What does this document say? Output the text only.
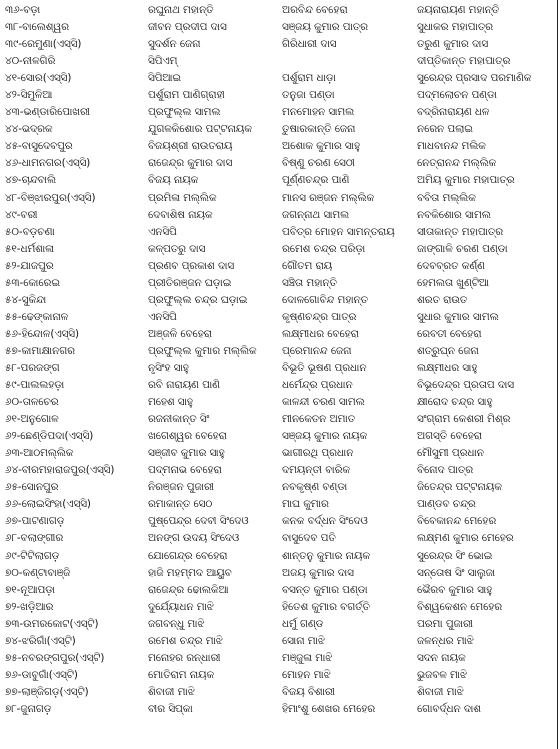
୩୬-ବଡ଼ା	ରଘୁନାଥ ମହାନ୍ତି	ଅରବିନ୍ଦ ବେହେରା	ଜୟନାରାୟଣ ମହାନ୍ତି
୩୮-ବାଲେଶ୍ୱର	ଜୀବନ ପ୍ରଦୀପ ଦାସ	ସଞ୍ଜୟ କୁମାର ପାତ୍ର	ସୁଧାକର ମହାପାତ୍ର
୩୯-ରେମୁଣା(ଏସ୍‌ସି)	ସୁଦର୍ଶନ ଜେନା	ଗିରିଧାରୀ ଦାସ	ତରୁଣ କୁମାର ଦାସ
୪୦-ନୀଳଗିରି	ସିପିଏମ୍		ଦୀପ୍ତିକାନ୍ତ ମହାପାତ୍ର
୪୧-ସୋର(ଏସ୍‌ସି)	ସିପିଆଇ	ପର୍ଶୁରାମ ଧାଡ଼ା	ସୁରେନ୍ଦ୍ର ପ୍ରସାଦ ପରମାଣିକ
୪୨-ସିମୁଳିଆ	ପର୍ଶୁରାମ ପାଣିଗ୍ରାହୀ	ତନୁଜା ପଣ୍ଡା	ପଦ୍ମଲୋଚନ ପଣ୍ଡା
୪୩-ଭଣ୍ଡାରିପୋଖରୀ	ପ୍ରଫୁଲ୍ଲ ସାମଲ	ମନମୋହନ ସାମଲ	ବଦ୍ରିନାରାୟଣ ଧଳ
୪୪-ଭଦ୍ରକ	ଯୁଗଳକିଶୋର ପଟ୍ଟନାୟକ	ତୁଷାରକାନ୍ତି ଜେନା	ନରେନ ପଲାଇ
୪୫-ବାସୁଦେବପୁର	ବିଜୟଶ୍ରୀ ରାଉତରାୟ	ଅଶୋକ କୁମାର ସାହୁ	ମାଧବାନନ୍ଦ ମଲିକ
୪୬-ଧାମନଗର(ଏସ୍‌ସି)	ରାଜେନ୍ଦ୍ର କୁମାର ଦାସ	ବିଷ୍ଣୁ ଚରଣ ସେଠୀ	ନେତ୍ରାନନ୍ଦ ମଲ୍ଲିକ
୪୭-ଚାନ୍ଦବାଲି	ବିଜୟ ନାୟକ	ପୂର୍ଣ୍ଣଚନ୍ଦ୍ର ପାଣି	ଅମିୟ କୁମାର ମହାପାତ୍ର
୪୮-ବିଞ୍ଝାରପୁର(ଏସ୍‌ସି)	ପ୍ରମିଳା ମଲ୍ଲିକ	ମାନସ ରଞ୍ଜନ ମଲ୍ଲିକ	ବବିତା ମଲ୍ଲିକ
୪୯-ବରୀ	ଦେବାଶିଷ ନାୟକ	ଜଗନ୍ନାଥ ସାମଲ	ନବକିଶୋର ସାମଲ
୫୦-ବଡ଼ଚଣା	ଏନସିପି	ପବିତ୍ର ମୋହନ ସାମନ୍ତରାୟ	ସୀତାକାନ୍ତ ମହାପାତ୍ର
୫୧-ଧର୍ମଶାଳା	କଳ୍ପତରୁ ଦାସ	ରମେଶ ଚନ୍ଦ୍ର ପରିଡ଼ା	ଜାଙ୍ଗାଳି ଚରଣ ପଣ୍ଡା
୫୨-ଯାଜପୁର	ପ୍ରଣବ ପ୍ରକାଶ ଦାସ	ଗୌତମ ରାୟ	ଦେବବ୍ରତ କର୍ଣ୍ଣ
୫୩-କୋରେଇ	ପ୍ରୀତିରଞ୍ଜନ ଘଡ଼ାଇ	ସଞ୍ଚିତା ମହାନ୍ତି	ହେମଲତା ଖୁଣ୍ଟିଆ
୫୪-ସୁକିନ୍ଦା	ପ୍ରଫୁଲ୍ଲ ଚନ୍ଦ୍ର ଘଡ଼ାଇ	ଦୋଳଗୋବିନ୍ଦ ମହାନ୍ତ	ଶରତ ରାଉତ
୫୫-ଢେଙ୍କାନାଳ	ଏନସିପି	କୃଷ୍ଣଚନ୍ଦ୍ର ପାତ୍ର	ସୁଧାର କୁମାର ସାମଲ
୫୬-ହିନ୍ଦୋଳ(ଏସ୍‌ସି)	ଅଞ୍ଜଳି ବେହେରା	ଲକ୍ଷ୍ମୀଧର ବେହେରା	ରେବତୀ ବେହେରା
୫୭-କାମାକ୍ଷାନଗର	ପ୍ରଫୁଲ୍ଲ କୁମାର ମଲ୍ଲିକ	ପ୍ରେମାନନ୍ଦ ଜେନା	ଶତ୍ରୁଘ୍ନ ଜେନା
୫୮-ପରଜଙ୍ଗ	ନୃସିଂହ ସାହୁ	ବିଭୂତି ଭୂଷଣ ପ୍ରଧାନ	ଲକ୍ଷ୍ମୀଧର ସାହୁ
୫୯-ପାଲଲହଡ଼ା	ରବି ନାରାୟଣ ପାଣି	ଧର୍ମେନ୍ଦ୍ର ପ୍ରଧାନ	ବିଭୂଦେନ୍ଦ୍ର ପ୍ରତାପ ଦାସ
୬୦-ତାଳଚେର	ମହେଶ ସାହୁ	କାଳନ୍ଦୀ ଚରଣ ସାମଲ	କ୍ଷୀରୋଦ ଚନ୍ଦ୍ର ସାହୁ
୬୧-ଅନୁଗୋଳ	ରଜନୀକାନ୍ତ ସିଂ	ମୀନକେତନ ଅମାତ	ସଂଗ୍ରାମ କେଶରୀ ମିଶ୍ର
୬୨-ଛେଣ୍ଡିପଦା(ଏସ୍‌ସି)	ଖଗେଶ୍ୱର ବେହେରା	ସଞ୍ଜୟ କୁମାର ନାୟକ	ଅଗସ୍ତି ବେହେରା
୬୩-ଆଠମଲ୍ଲିକ	ସଞ୍ଜୀବ କୁମାର ସାହୁ	ଭାଗୀରଥି ପ୍ରଧାନ	ମୌସୁମୀ ପ୍ରଧାନ
୬୪-ବୀରମହାରାଜପୁର(ଏସ୍‌ସି)	ପଦ୍ମନାଭ ବେହେରା	ଦମୟନ୍ତୀ ବାରିକ	ବିନୋଦ ପାତ୍ର
୬୫-ସୋନପୁର	ନିରଞ୍ଜନ ପୁଜାରୀ	ନବକୃଷ୍ଣ ବଣ୍ଡା	ଜିତେନ୍ଦ୍ର ପଟ୍ଟନାୟକ
୬୬-ଲୋଇସିଂହା(ଏସ୍‌ସି)	ରମାକାନ୍ତ ସେଠ	ମାଘ କୁମାର	ପାଣ୍ଡବ ଚନ୍ଦ୍ର
୬୭-ପାଟଣାଗଡ଼	ପୁଷ୍ପେନ୍ଦ୍ର ଦେବୀ ସିଂଦେଓ	କନକ ବର୍ଦ୍ଧନ ସିଂଦେଓ	ବିବେକାନନ୍ଦ ମେହେର
୬୮-ବଲାଙ୍ଗୀର	ଅନଙ୍ଗ ଉଦୟ ସିଂଦେଓ	ବାସୁଦେବ ପତି	ଲକ୍ଷ୍ମଣ କୁମାର ମେହେର
୬୯-ଟିଟିଲାଗଡ଼	ଯୋଗେନ୍ଦ୍ର ବେହେରା	ଶାନ୍ତନୁ କୁମାର ନାୟକ	ସୁରେନ୍ଦ୍ର ସିଂ ଭୋଇ
୭୦-କଣ୍ଟାବାଞ୍ଜି	ହାଜି ମହମ୍ମଦ ଆୟୁବ	ଅଜୟ କୁମାର ଦାସ	ସନ୍ତୋଷ ସିଂ ସାଲୁଜା
୭୧-ନୂଆପଡ଼ା	ରାଜେନ୍ଦ୍ର ଢୋଲକିଆ	ବସନ୍ତ କୁମାର ପଣ୍ଡା	ଭୈରବ କୁମାର ସାହୁ
୭୨-ଖଡ଼ିଆର	ଦୁର୍ଯ୍ୟୋଧନ ମାଝି	ହିତେଶ କୁମାର ବଗର୍ତ୍ତି	ବିଶ୍ୱକେଶନ ମେହେର
୭୩-ଉମରକୋଟ(ଏସ୍‌ଟି)	ଜଗବନ୍ଧୁ ମାଝି	ଧର୍ମୁ ଗଣ୍ଡ	ପରମା ପୁଜାରୀ
୭୪-ଝରିଗାଁ(ଏସ୍‌ଟି)	ରମେଶ ଚନ୍ଦ୍ର ମାଝି	ସୋନା ମାଝି	ଜଳନ୍ଧର ମାଝି
୭୫-ନବରଙ୍ଗପୁର(ଏସ୍‌ଟି)	ମନୋହର ରନ୍ଧାରୀ	ମଞ୍ଜୁଳା ମାଝି	ସଦନ ନାୟକ
୭୬-ଡାବୁଗାଁ(ଏସ୍‌ଟି)	ମୋତିରାମ ନାୟକ	ମୋହନ ମାଝି	ଭୁଜବଳ ମାଝି
୭୭-ଲାଞ୍ଜିଗଡ଼(ଏସ୍‌ଟି)	ଶିବାଜୀ ମାଝି	ବିଜୟ ବିଶାରୀ	ଶିବାଜୀ ମାଝି
୭୮-ଜୁନାଗଡ଼	ବୀର ସିପ୍‌କା	ହିମାଂଶୁ ଶେଖର ମେହେର	ଗୋବର୍ଦ୍ଧନ ଦାଶ
